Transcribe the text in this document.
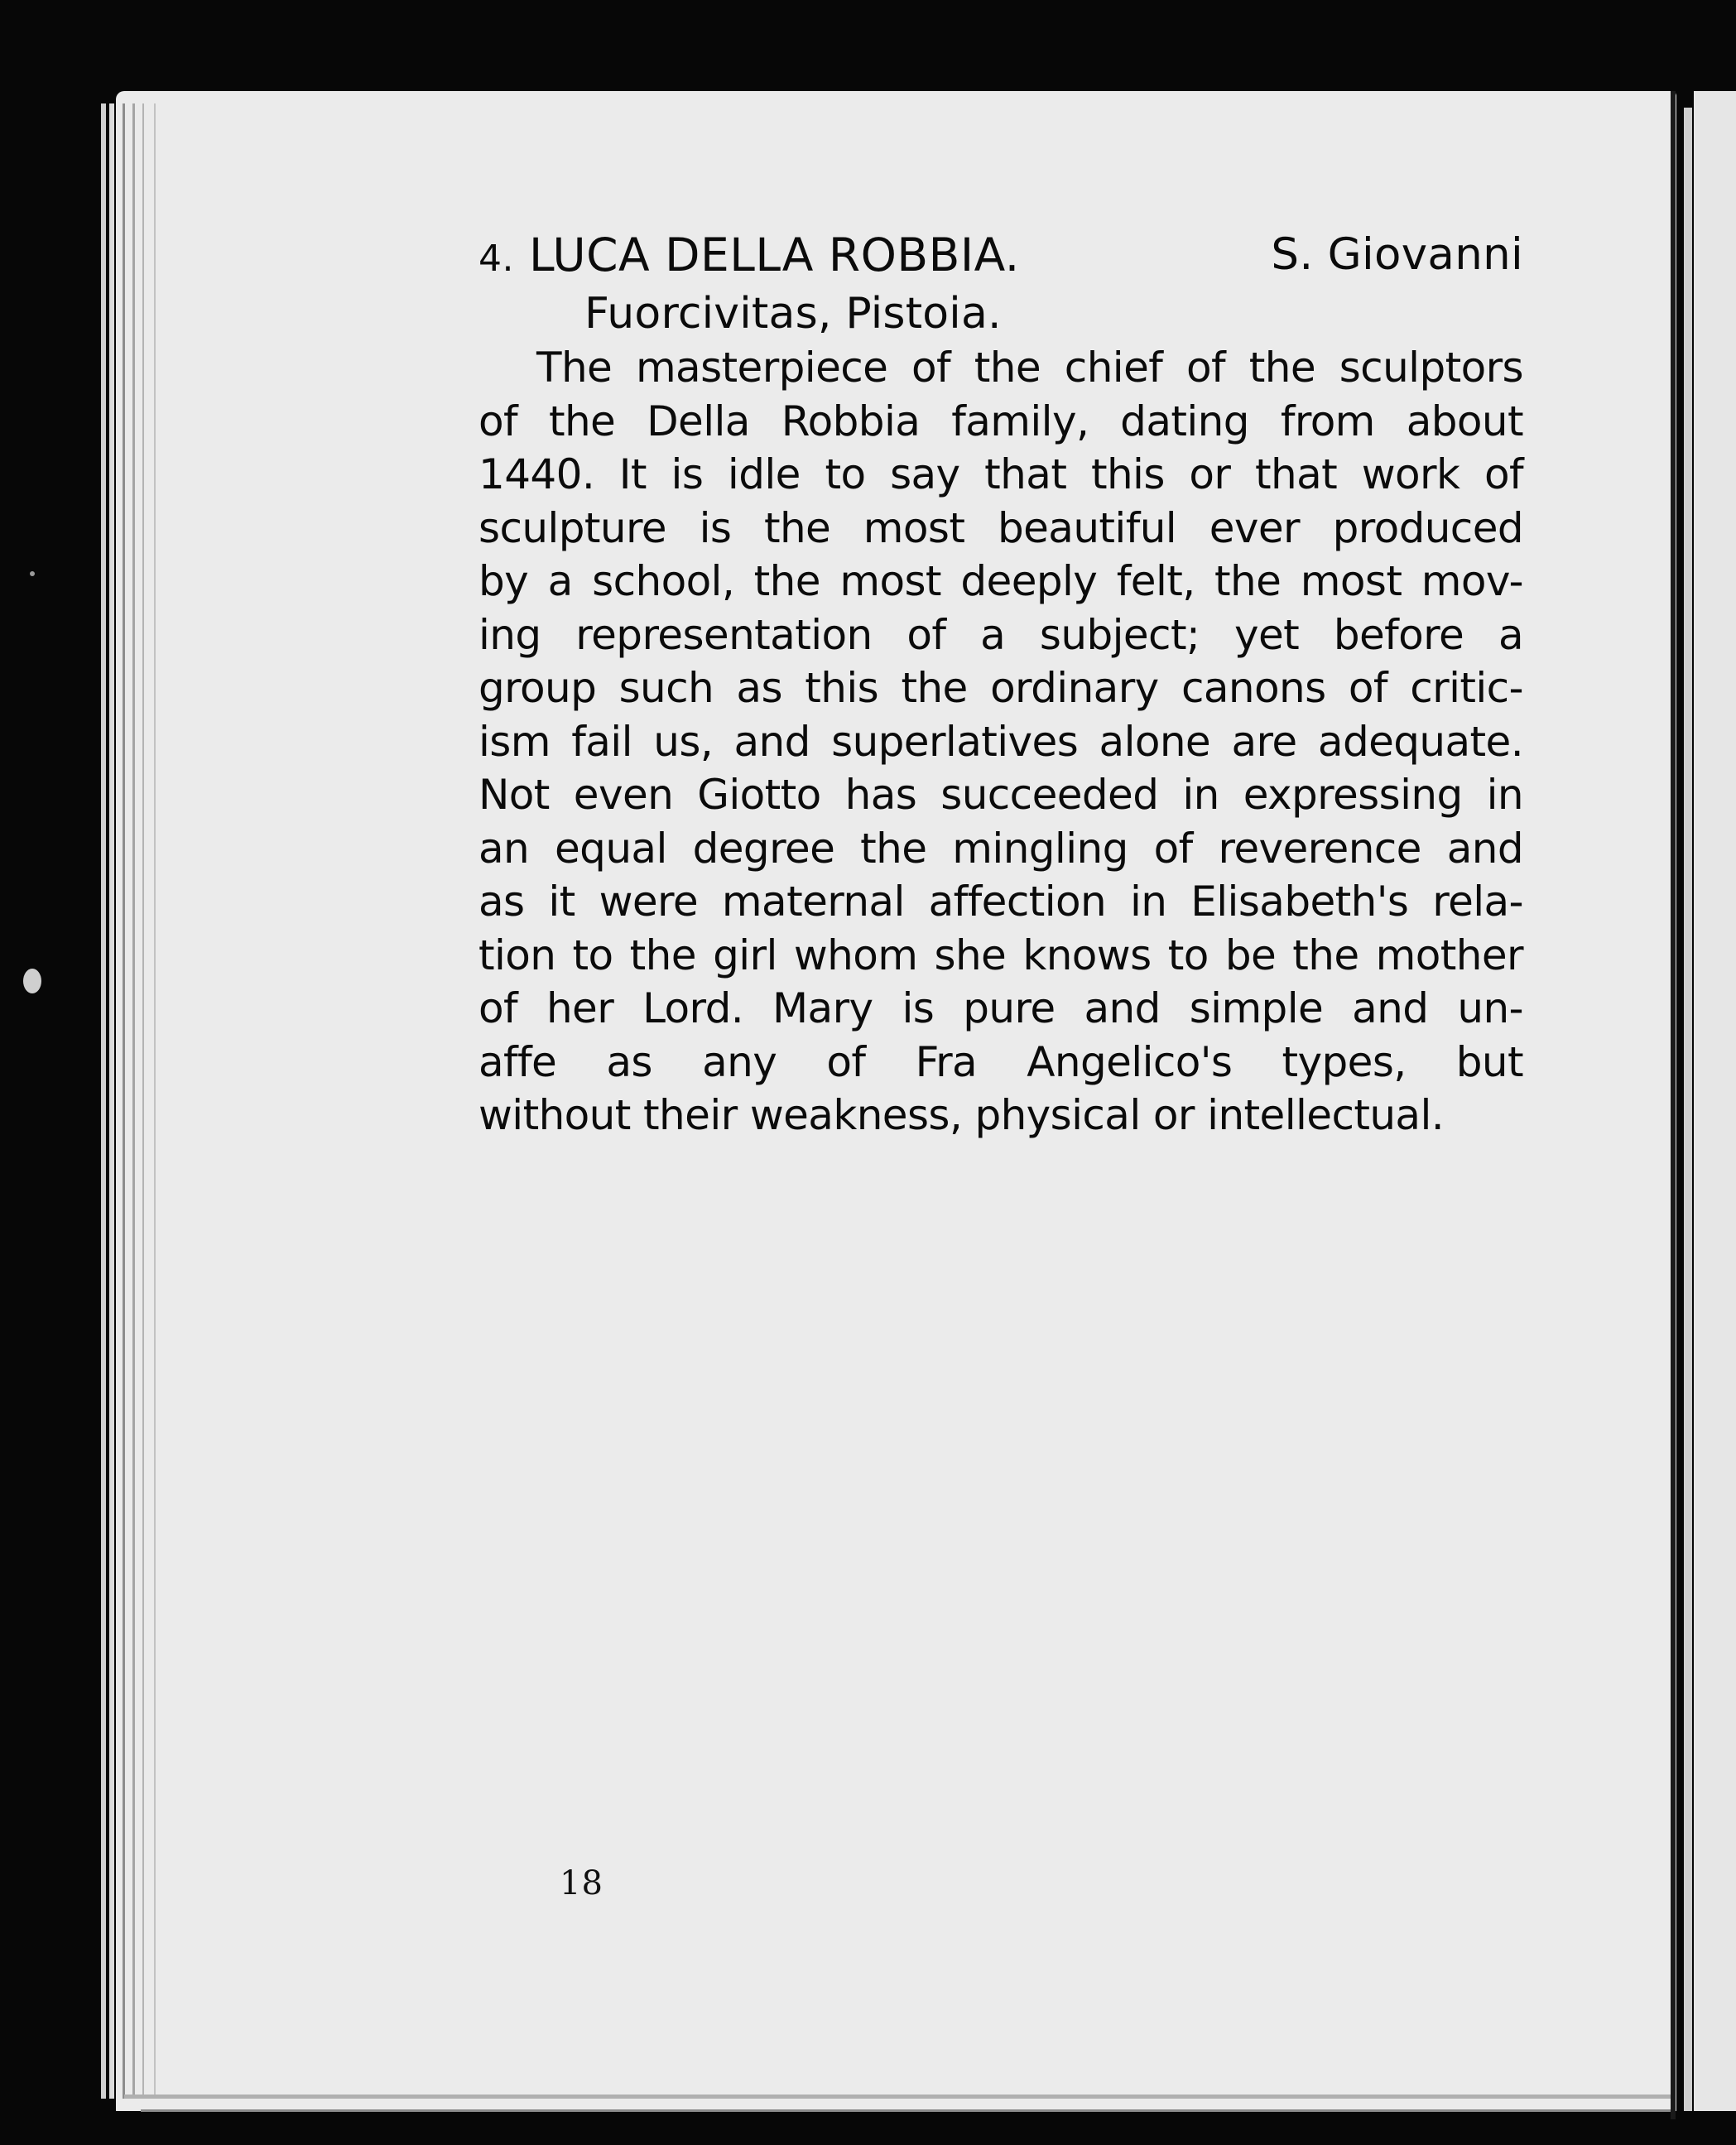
4. LUCA DELLA ROBBIA.	S. Giovanni
Fuorcivitas, Pistoia.
The masterpiece of the chief of the sculptors
of the Della Robbia family, dating from about
1440. It is idle to say that this or that work of
sculpture is the most beautiful ever produced
by a school, the most deeply felt, the most mov-
ing representation of a subject; yet before a
group such as this the ordinary canons of critic-
ism fail us, and superlatives alone are adequate.
Not even Giotto has succeeded in expressing in
an equal degree the mingling of reverence and
as it were maternal affection in Elisabeth's rela-
tion to the girl whom she knows to be the mother
of her Lord. Mary is pure and simple and un-
affe as any of Fra Angelico's types, but
without their weakness, physical or intellectual.
18
